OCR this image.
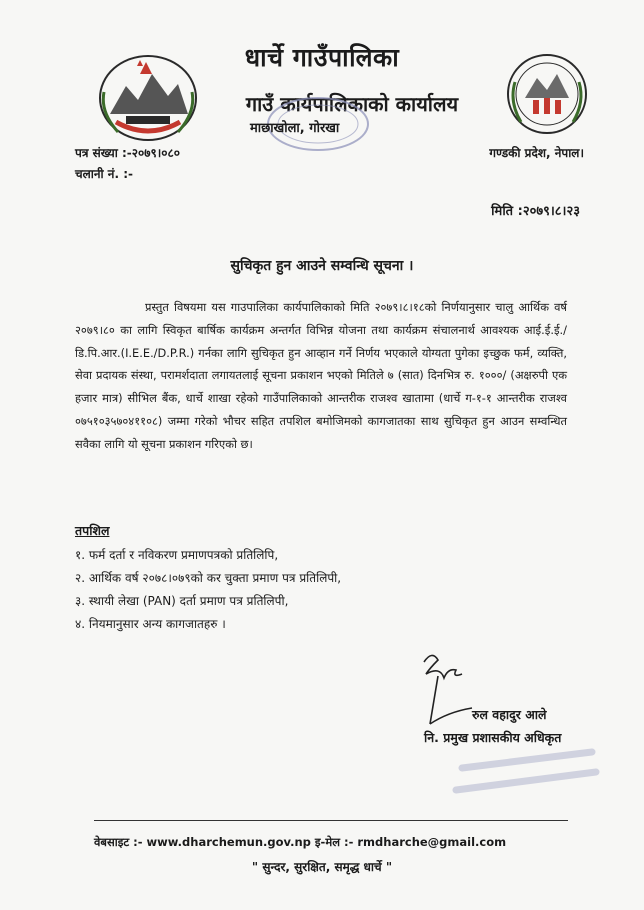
धार्चे गाउँपालिका
गाउँ कार्यपालिकाको कार्यालय
माछाखोला, गोरखा
गण्डकी प्रदेश, नेपाल।
पत्र संख्या :-२०७९।०८०
चलानी नं. :-
मिति :२०७९।८।२३
सुचिकृत हुन आउने सम्वन्धि सूचना ।
प्रस्तुत विषयमा यस गाउपालिका कार्यपालिकाको मिति २०७९।८।१८को निर्णयानुसार चालु आर्थिक वर्ष २०७९।८० का लागि स्विकृत बार्षिक कार्यक्रम अन्तर्गत विभिन्न योजना तथा कार्यक्रम संचालनार्थ आवश्यक आई.ई.ई./डि.पि.आर.(I.E.E./D.P.R.) गर्नका लागि सुचिकृत हुन आव्हान गर्ने निर्णय भएकाले योग्यता पुगेका इच्छुक फर्म, व्यक्ति, सेवा प्रदायक संस्था, परामर्शदाता लगायतलाई सूचना प्रकाशन भएको मितिले ७ (सात) दिनभित्र रु. १०००/ (अक्षरुपी एक हजार मात्र) सीभिल बैंक, धार्चे शाखा रहेको गाउँपालिकाको आन्तरीक राजश्व खातामा (धार्चे ग-१-१ आन्तरीक राजश्व ०७५१०३५७०४११०८) जम्मा गरेको भौचर सहित तपशिल बमोजिमको कागजातका साथ सुचिकृत हुन आउन सम्वन्धित सवैका लागि यो सूचना प्रकाशन गरिएको छ।
तपशिल
१. फर्म दर्ता र नविकरण प्रमाणपत्रको प्रतिलिपि,
२. आर्थिक वर्ष २०७८।०७९को कर चुक्ता प्रमाण पत्र प्रतिलिपी,
३. स्थायी लेखा (PAN) दर्ता प्रमाण पत्र प्रतिलिपी,
४. नियमानुसार अन्य कागजातहरु ।
रुल वहादुर आले
नि. प्रमुख प्रशासकीय अधिकृत
वेबसाइट :- www.dharchemun.gov.np इ-मेल :- rmdharche@gmail.com
" सुन्दर, सुरक्षित, समृद्ध धार्चे "
